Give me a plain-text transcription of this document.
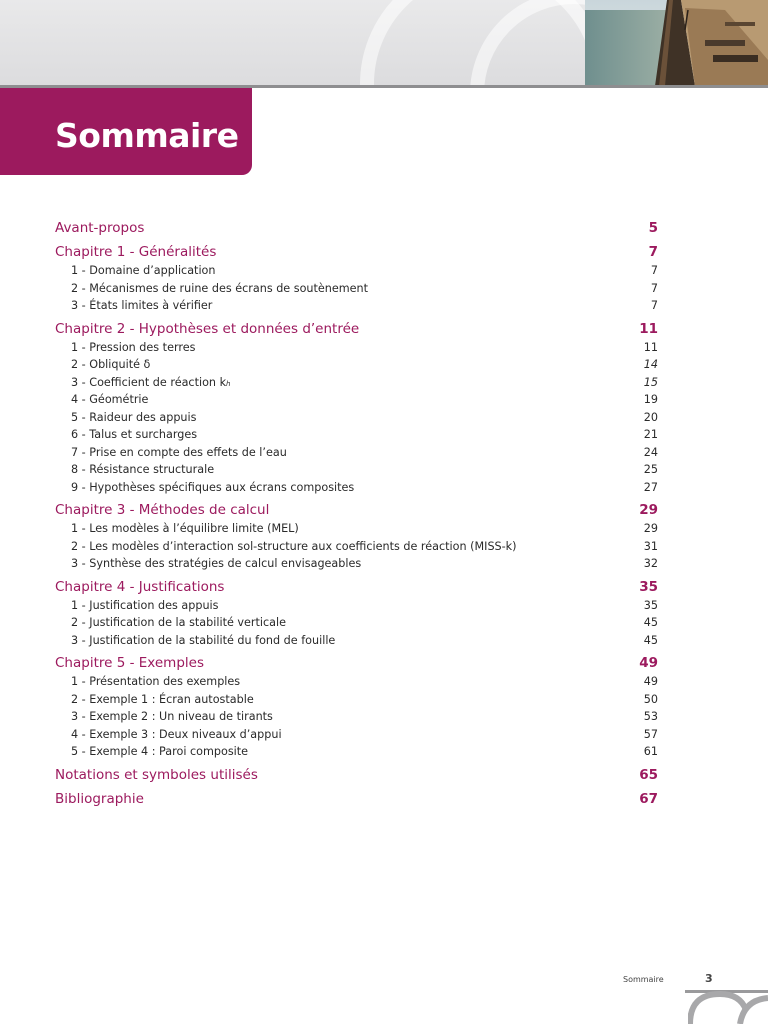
Sommaire
Avant-propos	5
Chapitre 1 - Généralités	7
1 - Domaine d’application	7
2 - Mécanismes de ruine des écrans de soutènement	7
3 - États limites à vérifier	7
Chapitre 2 - Hypothèses et données d’entrée	11
1 - Pression des terres	11
2 - Obliquité δ	14
3 - Coefficient de réaction k h	15
4 - Géométrie	19
5 - Raideur des appuis	20
6 - Talus et surcharges	21
7 - Prise en compte des effets de l’eau	24
8 - Résistance structurale	25
9 - Hypothèses spécifiques aux écrans composites	27
Chapitre 3 - Méthodes de calcul	29
1 - Les modèles à l’équilibre limite (MEL)	29
2 - Les modèles d’interaction sol-structure aux coefficients de réaction (MISS-k)	31
3 - Synthèse des stratégies de calcul envisageables	32
Chapitre 4 - Justifications	35
1 - Justification des appuis	35
2 - Justification de la stabilité verticale	45
3 - Justification de la stabilité du fond de fouille	45
Chapitre 5 - Exemples	49
1 - Présentation des exemples	49
2 - Exemple 1 : Écran autostable	50
3 - Exemple 2 : Un niveau de tirants	53
4 - Exemple 3 : Deux niveaux d’appui	57
5 - Exemple 4 : Paroi composite	61
Notations et symboles utilisés	65
Bibliographie	67
Sommaire	3
